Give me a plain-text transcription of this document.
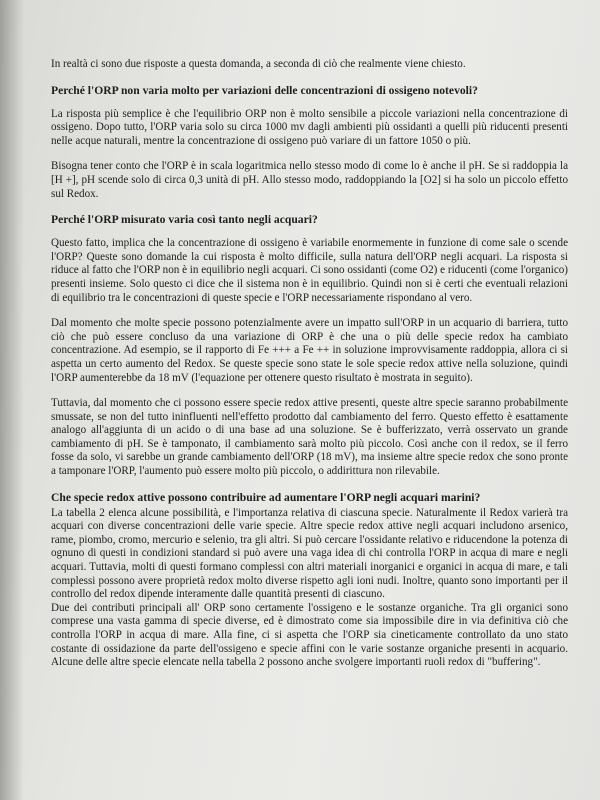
In realtà ci sono due risposte a questa domanda, a seconda di ciò che realmente viene chiesto.

Perché l'ORP non varia molto per variazioni delle concentrazioni di ossigeno notevoli?

La risposta più semplice è che l'equilibrio ORP non è molto sensibile a piccole variazioni nella concentrazione di ossigeno. Dopo tutto, l'ORP varia solo su circa 1000 mv dagli ambienti più ossidanti a quelli più riducenti presenti nelle acque naturali, mentre la concentrazione di ossigeno può variare di un fattore 1050 o più.

Bisogna tener conto che l'ORP è in scala logaritmica nello stesso modo di come lo è anche il pH. Se si raddoppia la [H +], pH scende solo di circa 0,3 unità di pH. Allo stesso modo, raddoppiando la [O2] si ha solo un piccolo effetto sul Redox.

Perché l'ORP misurato varia così tanto negli acquari?

Questo fatto, implica che la concentrazione di ossigeno è variabile enormemente in funzione di come sale o scende l'ORP? Queste sono domande la cui risposta è molto difficile, sulla natura dell'ORP negli acquari. La risposta si riduce al fatto che l'ORP non è in equilibrio negli acquari. Ci sono ossidanti (come O2) e riducenti (come l'organico) presenti insieme. Solo questo ci dice che il sistema non è in equilibrio. Quindi non si è certi che eventuali relazioni di equilibrio tra le concentrazioni di queste specie e l'ORP necessariamente rispondano al vero.

Dal momento che molte specie possono potenzialmente avere un impatto sull'ORP in un acquario di barriera, tutto ciò che può essere concluso da una variazione di ORP è che una o più delle specie redox ha cambiato concentrazione. Ad esempio, se il rapporto di Fe +++ a Fe ++ in soluzione improvvisamente raddoppia, allora ci si aspetta un certo aumento del Redox. Se queste specie sono state le sole specie redox attive nella soluzione, quindi l'ORP aumenterebbe da 18 mV (l'equazione per ottenere questo risultato è mostrata in seguito).

Tuttavia, dal momento che ci possono essere specie redox attive presenti, queste altre specie saranno probabilmente smussate, se non del tutto ininfluenti nell'effetto prodotto dal cambiamento del ferro. Questo effetto è esattamente analogo all'aggiunta di un acido o di una base ad una soluzione. Se è bufferizzato, verrà osservato un grande cambiamento di pH. Se è tamponato, il cambiamento sarà molto più piccolo. Così anche con il redox, se il ferro fosse da solo, vi sarebbe un grande cambiamento dell'ORP (18 mV), ma insieme altre specie redox che sono pronte a tamponare l'ORP, l'aumento può essere molto più piccolo, o addirittura non rilevabile.

Che specie redox attive possono contribuire ad aumentare l'ORP negli acquari marini?

La tabella 2 elenca alcune possibilità, e l'importanza relativa di ciascuna specie. Naturalmente il Redox varierà tra acquari con diverse concentrazioni delle varie specie. Altre specie redox attive negli acquari includono arsenico, rame, piombo, cromo, mercurio e selenio, tra gli altri. Si può cercare l'ossidante relativo e riducendone la potenza di ognuno di questi in condizioni standard si può avere una vaga idea di chi controlla l'ORP in acqua di mare e negli acquari. Tuttavia, molti di questi formano complessi con altri materiali inorganici e organici in acqua di mare, e tali complessi possono avere proprietà redox molto diverse rispetto agli ioni nudi. Inoltre, quanto sono importanti per il controllo del redox dipende interamente dalle quantità presenti di ciascuno.

Due dei contributi principali all' ORP sono certamente l'ossigeno e le sostanze organiche. Tra gli organici sono comprese una vasta gamma di specie diverse, ed è dimostrato come sia impossibile dire in via definitiva ciò che controlla l'ORP in acqua di mare. Alla fine, ci si aspetta che l'ORP sia cineticamente controllato da uno stato costante di ossidazione da parte dell'ossigeno e specie affini con le varie sostanze organiche presenti in acquario. Alcune delle altre specie elencate nella tabella 2 possono anche svolgere importanti ruoli redox di "buffering".
